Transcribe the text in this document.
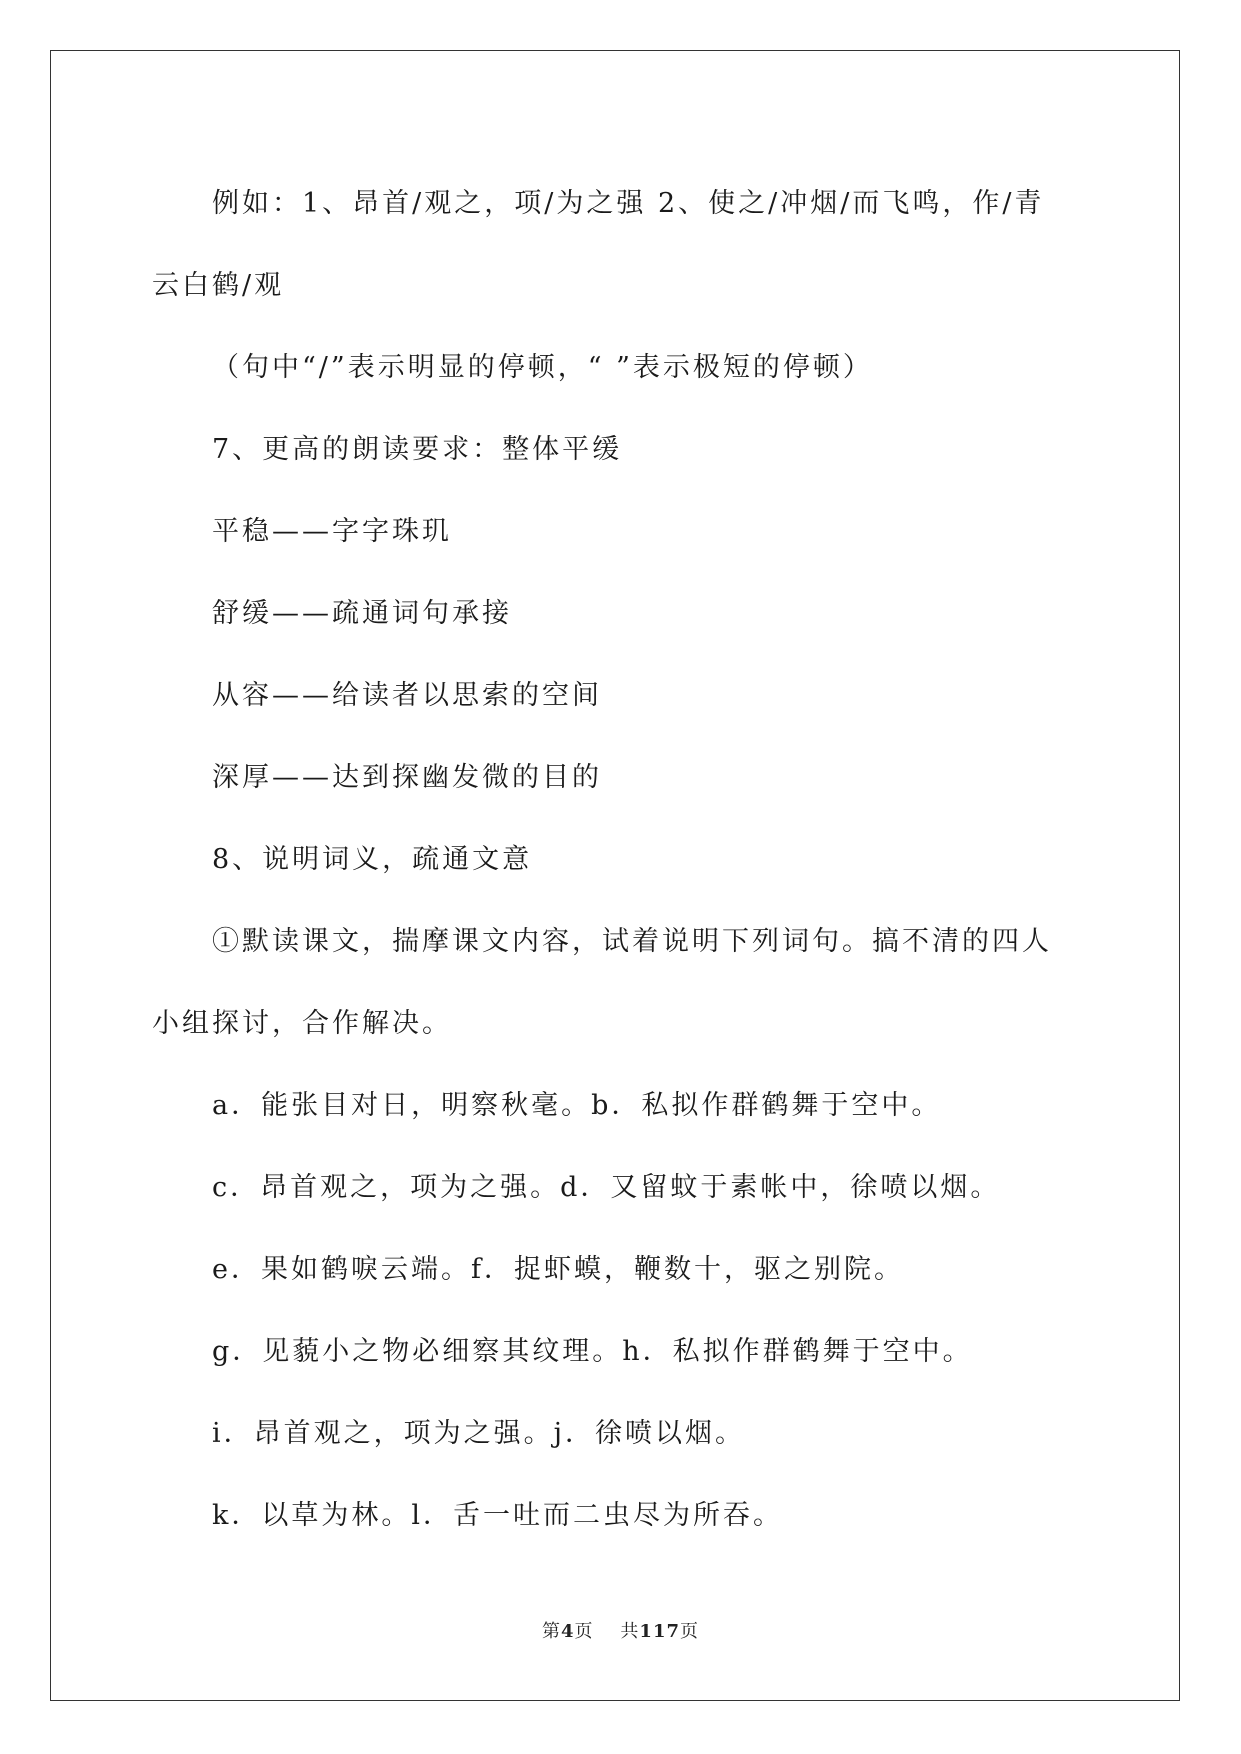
例如：1、昂首/观之，项/为之强 2、使之/冲烟/而飞鸣，作/青

云白鹤/观

（句中“/”表示明显的停顿，“ ”表示极短的停顿）

7、更高的朗读要求：整体平缓

平稳——字字珠玑

舒缓——疏通词句承接

从容——给读者以思索的空间

深厚——达到探幽发微的目的

8、说明词义，疏通文意

①默读课文，揣摩课文内容，试着说明下列词句。搞不清的四人

小组探讨，合作解决。

a．能张目对日，明察秋毫。b．私拟作群鹤舞于空中。

c．昂首观之，项为之强。d．又留蚊于素帐中，徐喷以烟。

e．果如鹤唳云端。f．捉虾蟆，鞭数十，驱之别院。

g．见藐小之物必细察其纹理。h．私拟作群鹤舞于空中。

i．昂首观之，项为之强。j．徐喷以烟。

k．以草为林。l．舌一吐而二虫尽为所吞。

第4页 共117页
